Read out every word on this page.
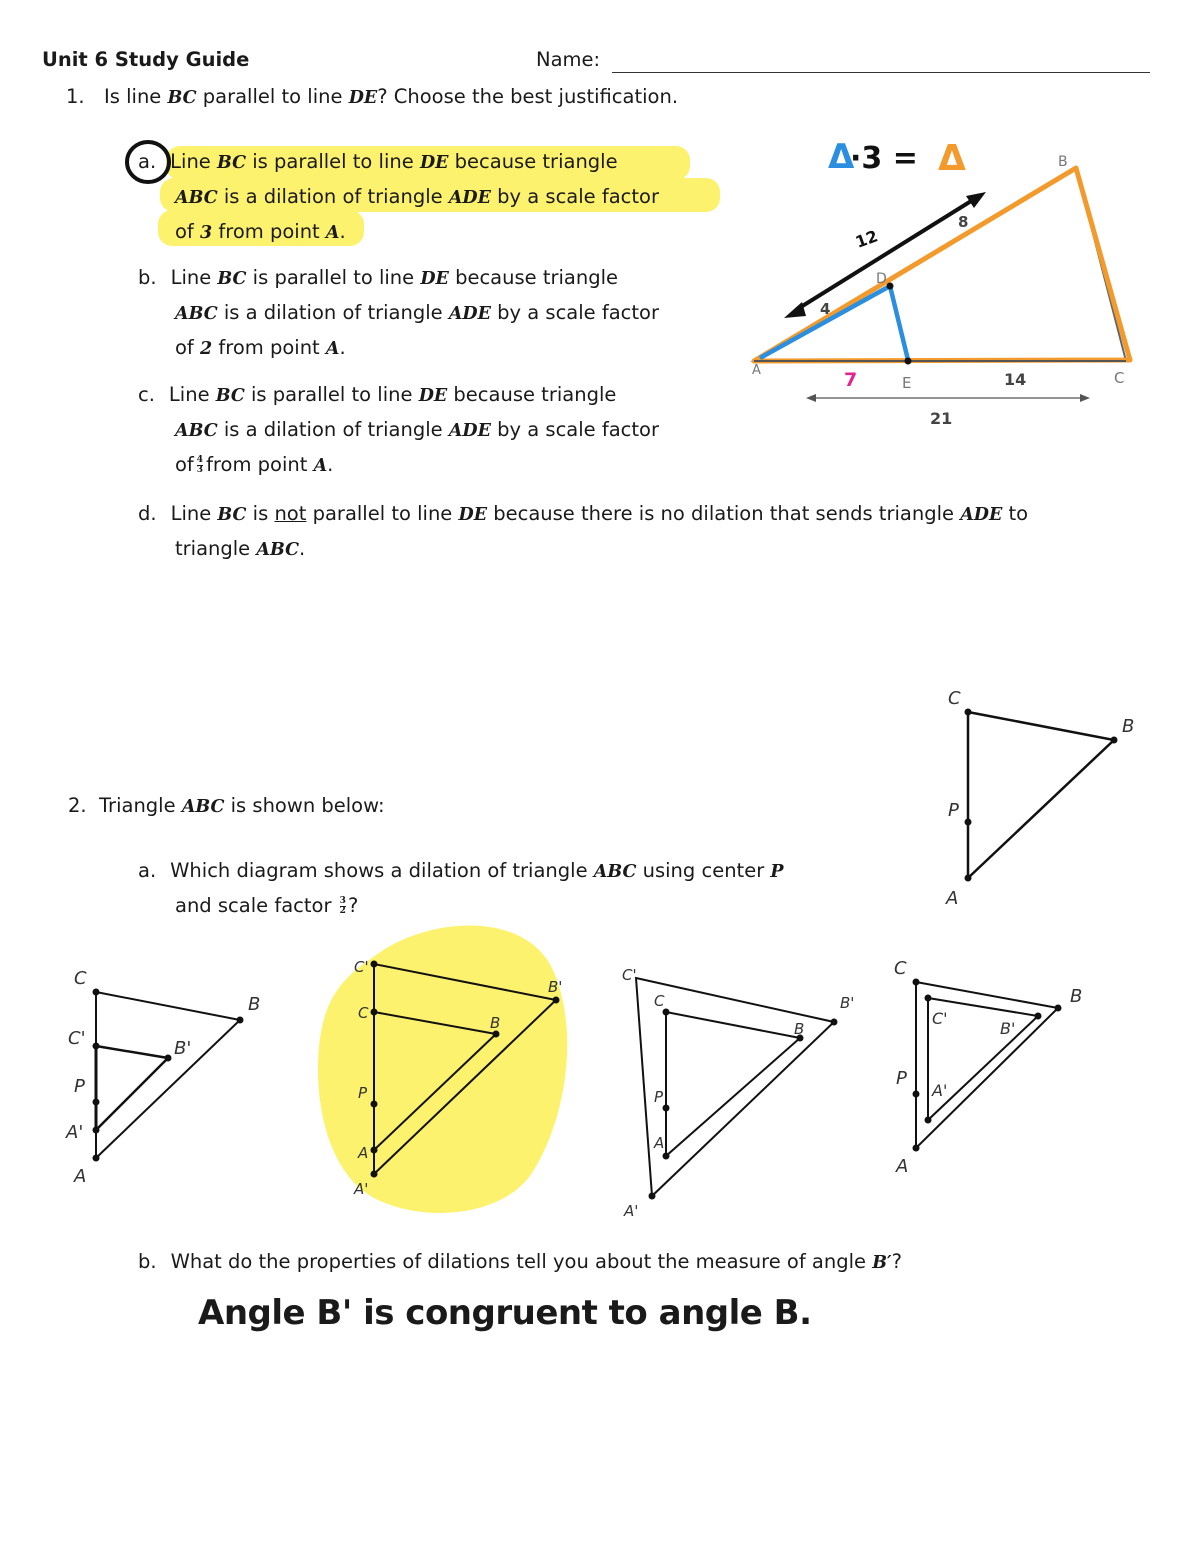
Unit 6 Study Guide	Name:
1. Is line BC parallel to line DE? Choose the best justification.
a. Line BC is parallel to line DE because triangle
ABC is a dilation of triangle ADE by a scale factor
of 3 from point A.
b. Line BC is parallel to line DE because triangle
ABC is a dilation of triangle ADE by a scale factor
of 2 from point A.
c. Line BC is parallel to line DE because triangle
ABC is a dilation of triangle ADE by a scale factor
of $\frac{4}{3}$ from point A.
d. Line BC is not parallel to line DE because there is no dilation that sends triangle ADE to
triangle ABC.
A
B
C
D
E
4
8
12
7	14
21
Δ
·3 = Δ
2. Triangle ABC is shown below:
a. Which diagram shows a dilation of triangle ABC using center P
and scale factor $\frac{3}{2}$ ?
C
B
P
A
C
B
C'	B'
P
A'
A
C'
B'
C
B
P
A
A'
C'
B'
C
B
P
A
A'
C
B
C'
B'
P
A'
A
b. What do the properties of dilations tell you about the measure of angle B′?
Angle B' is congruent to angle B.
